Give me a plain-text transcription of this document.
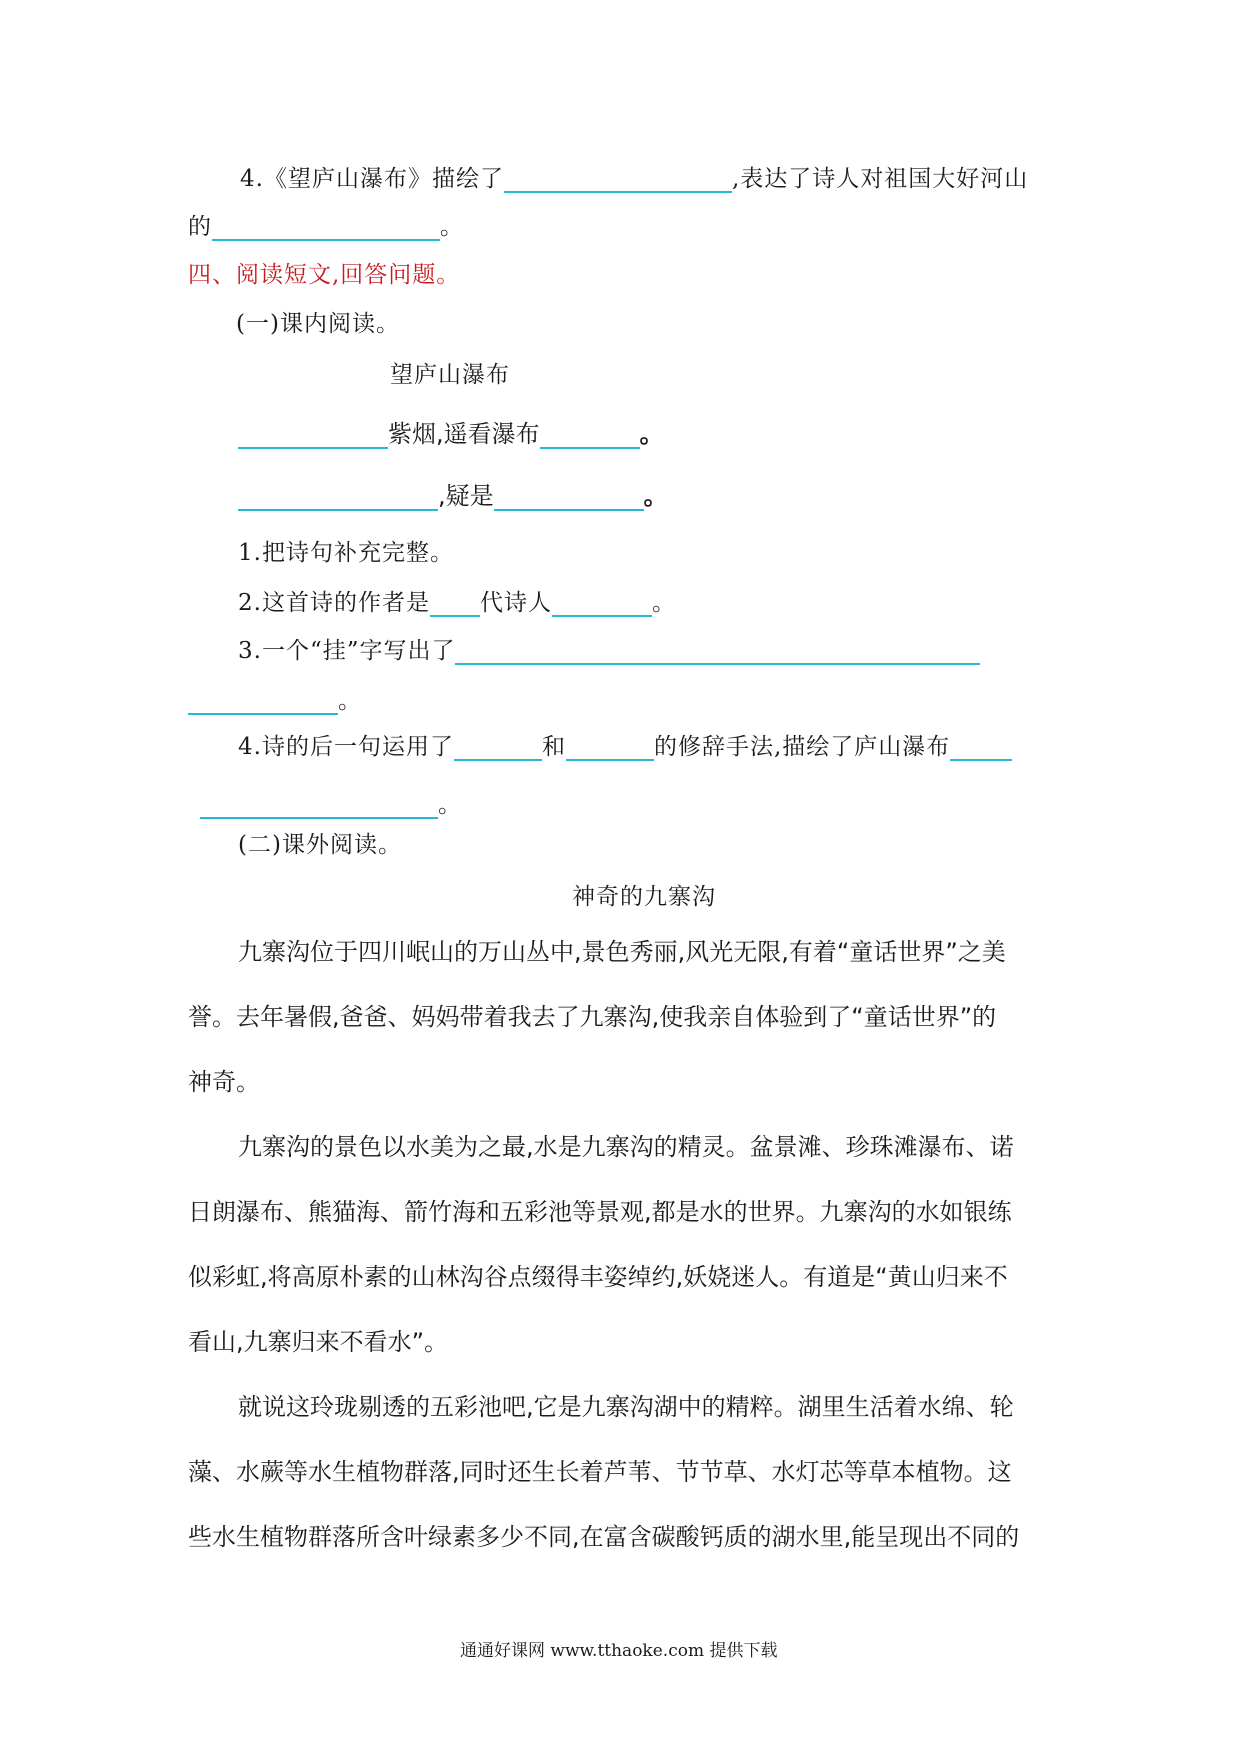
4.《望庐山瀑布》描绘了	,表达了诗人对祖国大好河山
的	。
四、阅读短文,回答问题。
(一)课内阅读。
望庐山瀑布
紫烟,遥看瀑布	。
,疑是	。
1.把诗句补充完整。
2.这首诗的作者是 代诗人	。
3.一个“挂”字写出了
。
4.诗的后一句运用了	和	的修辞手法,描绘了庐山瀑布
。
(二)课外阅读。
神奇的九寨沟
九寨沟位于四川岷山的万山丛中,景色秀丽,风光无限,有着“童话世界”之美
誉。去年暑假,爸爸、妈妈带着我去了九寨沟,使我亲自体验到了“童话世界”的
神奇。
九寨沟的景色以水美为之最,水是九寨沟的精灵。盆景滩、珍珠滩瀑布、诺
日朗瀑布、熊猫海、箭竹海和五彩池等景观,都是水的世界。九寨沟的水如银练
似彩虹,将高原朴素的山林沟谷点缀得丰姿绰约,妖娆迷人。有道是“黄山归来不
看山,九寨归来不看水”。
就说这玲珑剔透的五彩池吧,它是九寨沟湖中的精粹。湖里生活着水绵、轮
藻、水蕨等水生植物群落,同时还生长着芦苇、节节草、水灯芯等草本植物。这
些水生植物群落所含叶绿素多少不同,在富含碳酸钙质的湖水里,能呈现出不同的
通通好课网 www.tthaoke.com 提供下载
